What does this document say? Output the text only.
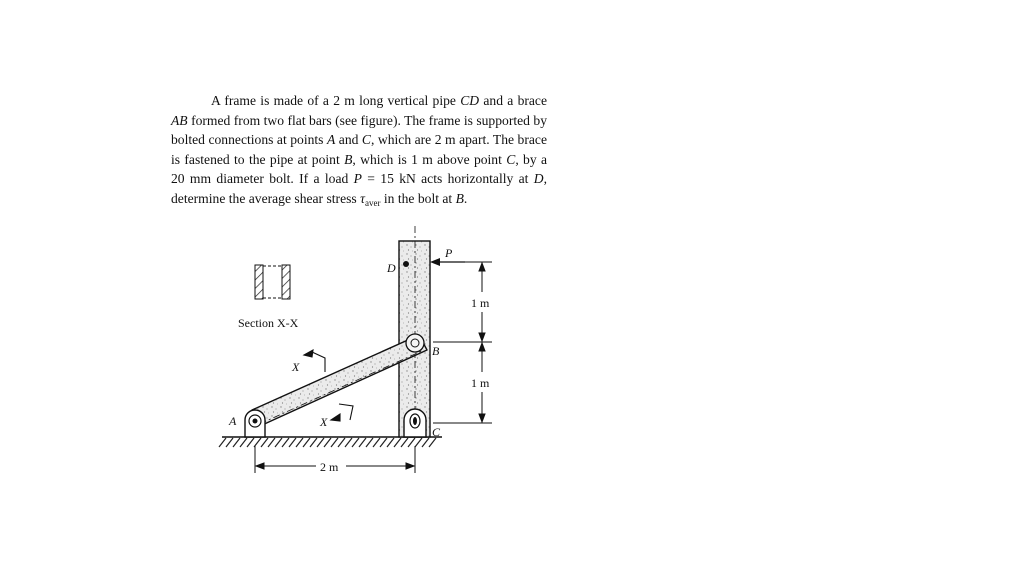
A frame is made of a 2 m long vertical pipe CD and a brace AB formed from two flat bars (see figure). The frame is supported by bolted connections at points A and C, which are 2 m apart. The brace is fastened to the pipe at point B, which is 1 m above point C, by a 20 mm diameter bolt. If a load P = 15 kN acts horizontally at D, determine the average shear stress $\tau_{aver}$ in the bolt at B.

Section X-X
A
B
C
D
P
X
X
1 m
1 m
2 m
